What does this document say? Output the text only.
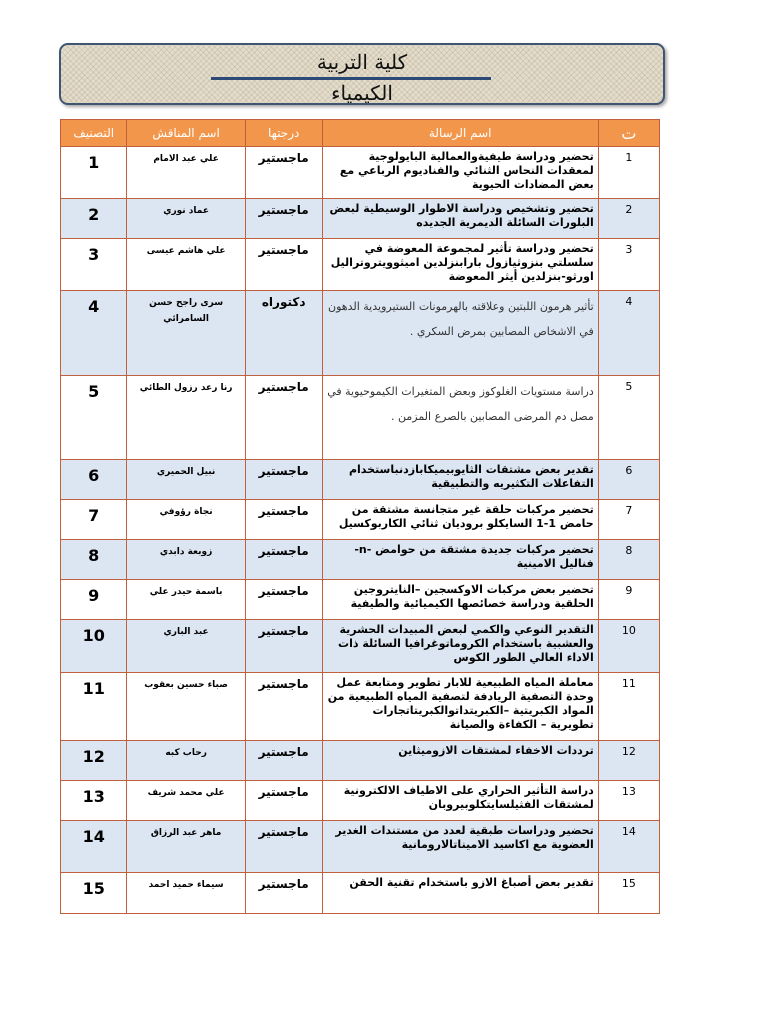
كلية التربية
الكيمياء
التصنيف	اسم المناقش	درجتها	اسم الرسالة	ت
1	علي عبد الامام	ماجستير	تحضير ودراسة طيفيةوالعمالية البايولوجية لمعقدات النحاس الثنائي والفناديوم الرباعي مع بعض المضادات الحيوية	1
2	عماد نوري	ماجستير	تحضير وتشخيص ودراسة الاطوار الوسيطية لبعض البلورات السائلة الديمرية الجديده	2
3	علي هاشم عيسى	ماجستير	تحضير ودراسة تأثير لمجموعة المعوضة في سلسلتي بنزوثيازول بارابنزلدين اميثوويتروتراليل اورثو-بنزلدين أيثر المعوضة	3
4	سرى راجح حسن السامرائي	دكتوراه	تأثير هرمون اللبتين وعلاقته بالهرمونات الستيرويدية الدهون في الاشخاص المصابين بمرض السكري .	4
5	رنا رعد رزول الطائي	ماجستير	دراسة مستويات الغلوكوز وبعض المتغيرات الكيموحيوية في مصل دم المرضى المصابين بالصرع المزمن .	5
6	نبيل الحميري	ماجستير	تقدير بعض مشتقات الثايوبيميكابازدنباستخدام التفاعلات التكثيريه والتطبيقية	6
7	نجاة رؤوفي	ماجستير	تحضير مركبات حلقة غير متجانسة مشتقة من حامض 1-1 السايكلو بروديان ثنائي الكاربوكسيل	7
8	زوبعة دابدي	ماجستير	تحضير مركبات جديدة مشتقة من حوامض -n- فناليل الامينية	8
9	باسمة حيدر علي	ماجستير	تحضير بعض مركبات الاوكسجين –النايتروجين الحلقية ودراسة خصائصها الكيميائية والطيفية	9
10	عبد الباري	ماجستير	التقدير النوعي والكمي لبعض المبيدات الحشرية والعشبية باستخدام الكروماتوغرافيا السائلة ذات الاداء العالي الطور الكوس	10
11	صباء حسين بعقوب	ماجستير	معاملة المياه الطبيعية للابار تطوير ومتابعة عمل وحدة التصفية الريادفة لتصفية المياه الطبيعية من المواد الكبريتية –الكبريتداتوالكبريتاتجارات تطويرية – الكفاءة والصيانة	11
12	رحاب كبه	ماجستير	ترددات الاخفاء لمشتقات الازوميثاين	12
13	علي محمد شريف	ماجستير	دراسة التأثير الحراري على الاطياف الالكترونية لمشتقات الفثيلسايتكلوبيروبان	13
14	ماهر عبد الرزاق	ماجستير	تحضير ودراسات طبقية لعدد من مستندات الغدير العضوية مع اكاسيد الاميناتالارومانية	14
15	سيماء حميد احمد	ماجستير	تقدير بعض أصباغ الازو باستخدام تقنية الحقن	15
